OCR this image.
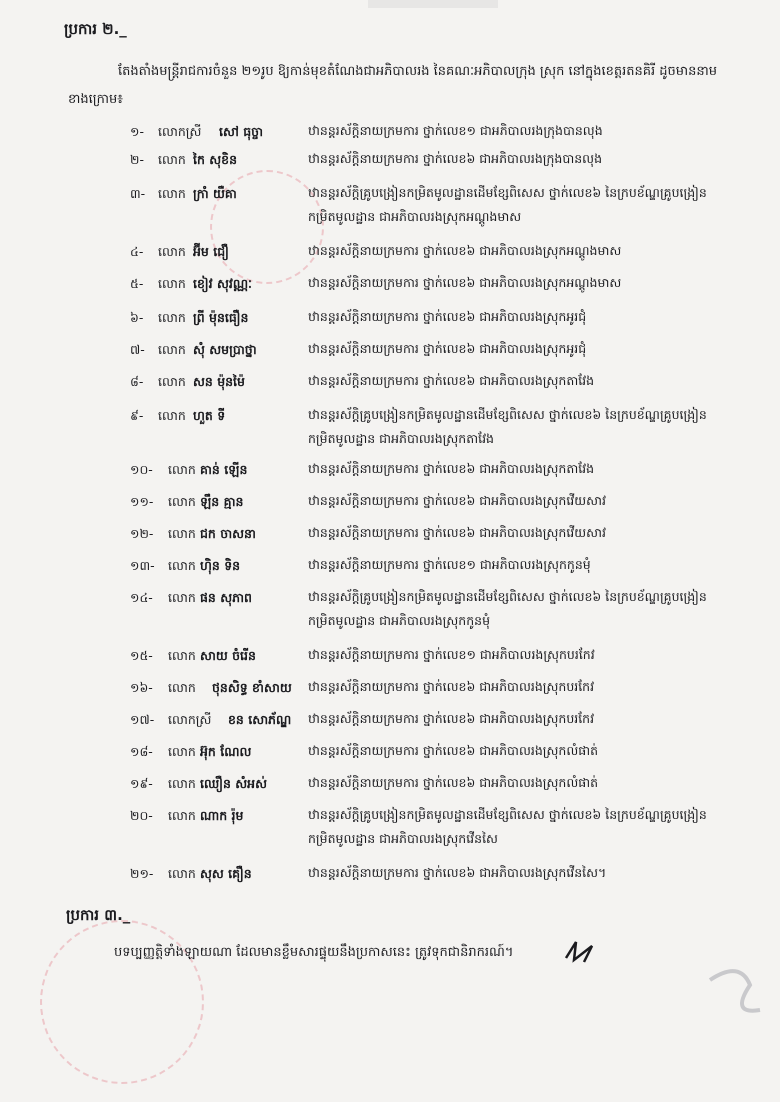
ប្រការ ២._
តែងតាំងមន្ត្រីរាជការចំនួន ២១រូប ឱ្យកាន់មុខតំណែងជាអភិបាលរង នៃគណៈអភិបាលក្រុង ស្រុក នៅក្នុងខេត្តរតនគិរី ដូចមាននាមខាងក្រោម៖
១-	លោកស្រី សៅ ធុច្ចា	ឋានន្តរស័ក្តិនាយក្រមការ ថ្នាក់លេខ១ ជាអភិបាលរងក្រុងបានលុង
២-	លោក កៃ សុខិន	ឋានន្តរស័ក្តិនាយក្រមការ ថ្នាក់លេខ៦ ជាអភិបាលរងក្រុងបានលុង
៣-	លោក ក្រាំ យឺគា	ឋានន្តរស័ក្តិគ្រូបង្រៀនកម្រិតមូលដ្ឋានដើមខ្សែពិសេស ថ្នាក់លេខ៦ នៃក្របខ័ណ្ឌគ្រូបង្រៀនកម្រិតមូលដ្ឋាន ជាអភិបាលរងស្រុកអណ្តូងមាស
៤-	លោក អ៊ីម ជឿ	ឋានន្តរស័ក្តិនាយក្រមការ ថ្នាក់លេខ៦ ជាអភិបាលរងស្រុកអណ្តូងមាស
៥-	លោក ខៀវ សុវណ្ណៈ	ឋានន្តរស័ក្តិនាយក្រមការ ថ្នាក់លេខ៦ ជាអភិបាលរងស្រុកអណ្តូងមាស
៦-	លោក ព្រី ម៉ុនធឿន	ឋានន្តរស័ក្តិនាយក្រមការ ថ្នាក់លេខ៦ ជាអភិបាលរងស្រុកអូរជុំ
៧-	លោក សុំ សមប្រាថ្នា	ឋានន្តរស័ក្តិនាយក្រមការ ថ្នាក់លេខ៦ ជាអភិបាលរងស្រុកអូរជុំ
៨-	លោក សន ម៉ុនម៉ៃ	ឋានន្តរស័ក្តិនាយក្រមការ ថ្នាក់លេខ៦ ជាអភិបាលរងស្រុកតាវែង
៩-	លោក ហួត ទី	ឋានន្តរស័ក្តិគ្រូបង្រៀនកម្រិតមូលដ្ឋានដើមខ្សែពិសេស ថ្នាក់លេខ៦ នៃក្របខ័ណ្ឌគ្រូបង្រៀនកម្រិតមូលដ្ឋាន ជាអភិបាលរងស្រុកតាវែង
១០-	លោក គាន់ ឡើន	ឋានន្តរស័ក្តិនាយក្រមការ ថ្នាក់លេខ៦ ជាអភិបាលរងស្រុកតាវែង
១១-	លោក ឡឹន គ្មាន	ឋានន្តរស័ក្តិនាយក្រមការ ថ្នាក់លេខ៦ ជាអភិបាលរងស្រុកវើយសាវ
១២-	លោក ជក ចាសនា	ឋានន្តរស័ក្តិនាយក្រមការ ថ្នាក់លេខ៦ ជាអភិបាលរងស្រុកវើយសាវ
១៣-	លោក ហ៊ិន ទិន	ឋានន្តរស័ក្តិនាយក្រមការ ថ្នាក់លេខ១ ជាអភិបាលរងស្រុកកូនមុំ
១៤-	លោក ផន សុភាព	ឋានន្តរស័ក្តិគ្រូបង្រៀនកម្រិតមូលដ្ឋានដើមខ្សែពិសេស ថ្នាក់លេខ៦ នៃក្របខ័ណ្ឌគ្រូបង្រៀនកម្រិតមូលដ្ឋាន ជាអភិបាលរងស្រុកកូនមុំ
១៥-	លោក សាយ ចំរើន	ឋានន្តរស័ក្តិនាយក្រមការ ថ្នាក់លេខ១ ជាអភិបាលរងស្រុកបរកែវ
១៦-	លោក ថុនសិទ្ធ ខាំសាយ ឋានន្តរស័ក្តិនាយក្រមការ ថ្នាក់លេខ៦ ជាអភិបាលរងស្រុកបរកែវ
១៧-	លោកស្រី ខន សោភ័ណ្ឌ ឋានន្តរស័ក្តិនាយក្រមការ ថ្នាក់លេខ៦ ជាអភិបាលរងស្រុកបរកែវ
១៨-	លោក អ៊ុក ណែល	ឋានន្តរស័ក្តិនាយក្រមការ ថ្នាក់លេខ៦ ជាអភិបាលរងស្រុកលំផាត់
១៩-	លោក ឈឿន សំអស់	ឋានន្តរស័ក្តិនាយក្រមការ ថ្នាក់លេខ៦ ជាអភិបាលរងស្រុកលំផាត់
២០-	លោក ណាក រ៉ុម	ឋានន្តរស័ក្តិគ្រូបង្រៀនកម្រិតមូលដ្ឋានដើមខ្សែពិសេស ថ្នាក់លេខ៦ នៃក្របខ័ណ្ឌគ្រូបង្រៀនកម្រិតមូលដ្ឋាន ជាអភិបាលរងស្រុកវើនសៃ
២១-	លោក សុស គឿន	ឋានន្តរស័ក្តិនាយក្រមការ ថ្នាក់លេខ៦ ជាអភិបាលរងស្រុកវើនសៃ។
ប្រការ ៣._
បទប្បញ្ញត្តិទាំងឡាយណា ដែលមានខ្លឹមសារផ្ទុយនឹងប្រកាសនេះ ត្រូវទុកជានិរាករណ៍។
